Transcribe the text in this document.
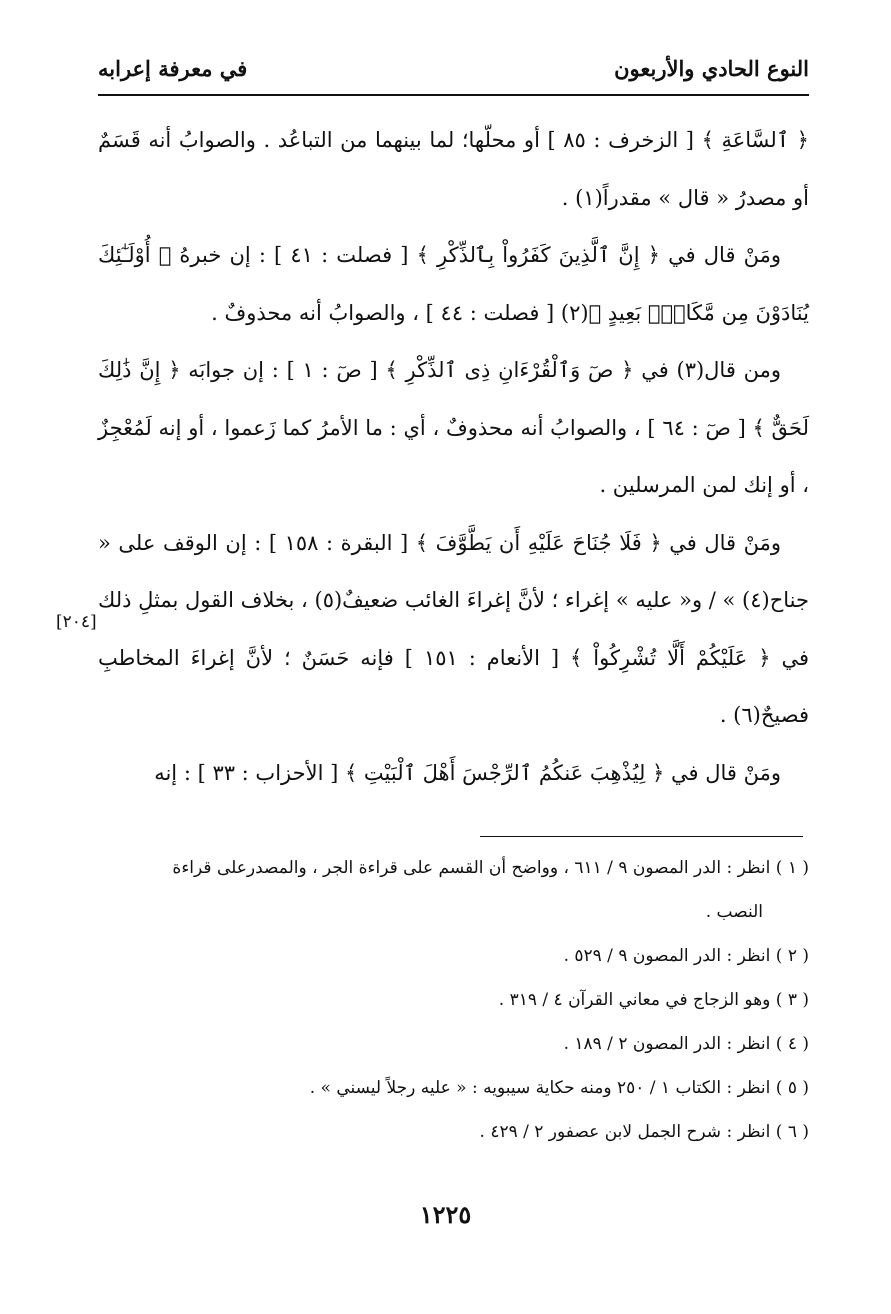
النوع الحادي والأربعون
في معرفة إعرابه

﴿ ٱلسَّاعَةِ ﴾ [ الزخرف : ٨٥ ] أو محلّها؛ لما بينهما من التباعُد . والصوابُ أنه قَسَمٌ أو مصدرُ « قال » مقدراً(١) .

ومَنْ قال في ﴿ إِنَّ ٱلَّذِينَ كَفَرُواْ بِٱلذِّكْرِ ﴾ [ فصلت : ٤١ ] : إن خبرهُ ﴿ أُوْلَـٰٓئِكَ يُنَادَوْنَ مِن مَّكَانِۭ بَعِيدٍ ﴾(٢) [ فصلت : ٤٤ ] ، والصوابُ أنه محذوفٌ .

ومن قال(٣) في ﴿ صٓ وَٱلْقُرْءَانِ ذِى ٱلذِّكْرِ ﴾ [ صٓ : ١ ] : إن جوابَه ﴿ إِنَّ ذَٰلِكَ لَحَقٌّ ﴾ [ صٓ : ٦٤ ] ، والصوابُ أنه محذوفٌ ، أي : ما الأمرُ كما زَعموا ، أو إنه لَمُعْجِزٌ ، أو إنك لمن المرسلين .

ومَنْ قال في ﴿ فَلَا جُنَاحَ عَلَيْهِ أَن يَطَّوَّفَ ﴾ [ البقرة : ١٥٨ ] : إن الوقف على « جناح(٤) » / و« عليه » إغراء ؛ لأنَّ إغراءَ الغائب ضعيفٌ(٥) ، بخلاف القول بمثلِ ذلك في ﴿ عَلَيْكُمْ أَلَّا تُشْرِكُواْ ﴾ [ الأنعام : ١٥١ ] فإنه حَسَنٌ ؛ لأنَّ إغراءَ المخاطبِ فصيحٌ(٦) .

ومَنْ قال في ﴿ لِيُذْهِبَ عَنكُمُ ٱلرِّجْسَ أَهْلَ ٱلْبَيْتِ ﴾ [ الأحزاب : ٣٣ ] : إنه

[٢٠٤]

( ١ ) انظر : الدر المصون ٩ / ٦١١ ، وواضح أن القسم على قراءة الجر ، والمصدرعلى قراءة

النصب .

( ٢ ) انظر : الدر المصون ٩ / ٥٢٩ .

( ٣ ) وهو الزجاج في معاني القرآن ٤ / ٣١٩ .

( ٤ ) انظر : الدر المصون ٢ / ١٨٩ .

( ٥ ) انظر : الكتاب ١ / ٢٥٠ ومنه حكاية سيبويه : « عليه رجلاً ليسني » .

( ٦ ) انظر : شرح الجمل لابن عصفور ٢ / ٤٢٩ .

١٢٢٥
